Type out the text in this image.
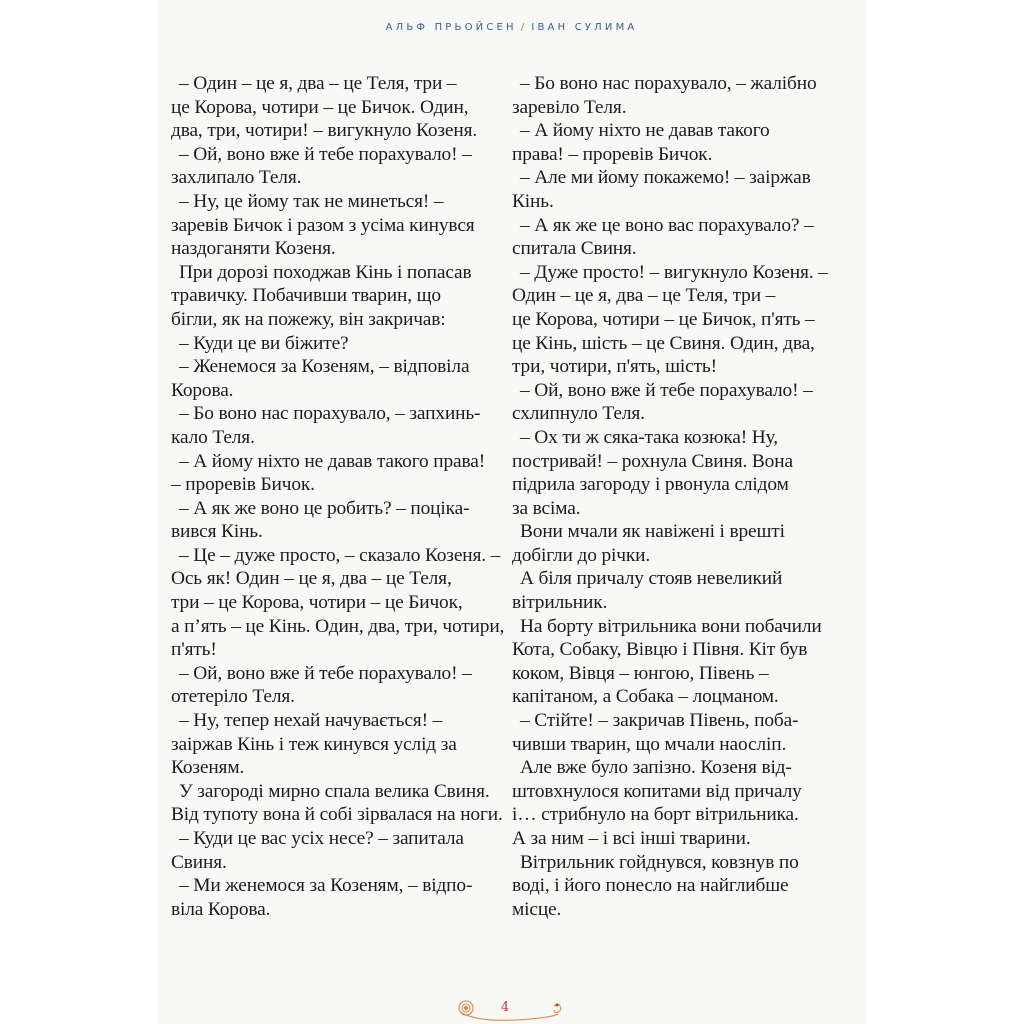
АЛЬФ ПРЬОЙСЕН / ІВАН СУЛИМА
– Один – це я, два – це Теля, три –
це Корова, чотири – це Бичок. Один,
два, три, чотири! – вигукнуло Козеня.
– Ой, воно вже й тебе порахувало! –
захлипало Теля.
– Ну, це йому так не минеться! –
заревів Бичок і разом з усіма кинувся
наздоганяти Козеня.
При дорозі походжав Кінь і попасав
травичку. Побачивши тварин, що
бігли, як на пожежу, він закричав:
– Куди це ви біжите?
– Женемося за Козеням, – відповіла
Корова.
– Бо воно нас порахувало, – запхинь-
кало Теля.
– А йому ніхто не давав такого права!
– проревів Бичок.
– А як же воно це робить? – поціка-
вився Кінь.
– Це – дуже просто, – сказало Козеня. –
Ось як! Один – це я, два – це Теля,
три – це Корова, чотири – це Бичок,
а п’ять – це Кінь. Один, два, три, чотири,
п'ять!
– Ой, воно вже й тебе порахувало! –
отетеріло Теля.
– Ну, тепер нехай начувається! –
заіржав Кінь і теж кинувся услід за
Козеням.
У загороді мирно спала велика Свиня.
Від тупоту вона й собі зірвалася на ноги.
– Куди це вас усіх несе? – запитала
Свиня.
– Ми женемося за Козеням, – відпо-
віла Корова.
– Бо воно нас порахувало, – жалібно
заревіло Теля.
– А йому ніхто не давав такого
права! – проревів Бичок.
– Але ми йому покажемо! – заіржав
Кінь.
– А як же це воно вас порахувало? –
спитала Свиня.
– Дуже просто! – вигукнуло Козеня. –
Один – це я, два – це Теля, три –
це Корова, чотири – це Бичок, п'ять –
це Кінь, шість – це Свиня. Один, два,
три, чотири, п'ять, шість!
– Ой, воно вже й тебе порахувало! –
схлипнуло Теля.
– Ох ти ж сяка-така козюка! Ну,
постривай! – рохнула Свиня. Вона
підрила загороду і рвонула слідом
за всіма.
Вони мчали як навіжені і врешті
добігли до річки.
А біля причалу стояв невеликий
вітрильник.
На борту вітрильника вони побачили
Кота, Собаку, Вівцю і Півня. Кіт був
коком, Вівця – юнгою, Півень –
капітаном, а Собака – лоцманом.
– Стійте! – закричав Півень, поба-
чивши тварин, що мчали наосліп.
Але вже було запізно. Козеня від-
штовхнулося копитами від причалу
і… стрибнуло на борт вітрильника.
А за ним – і всі інші тварини.
Вітрильник гойднувся, ковзнув по
воді, і його понесло на найглибше
місце.
4
